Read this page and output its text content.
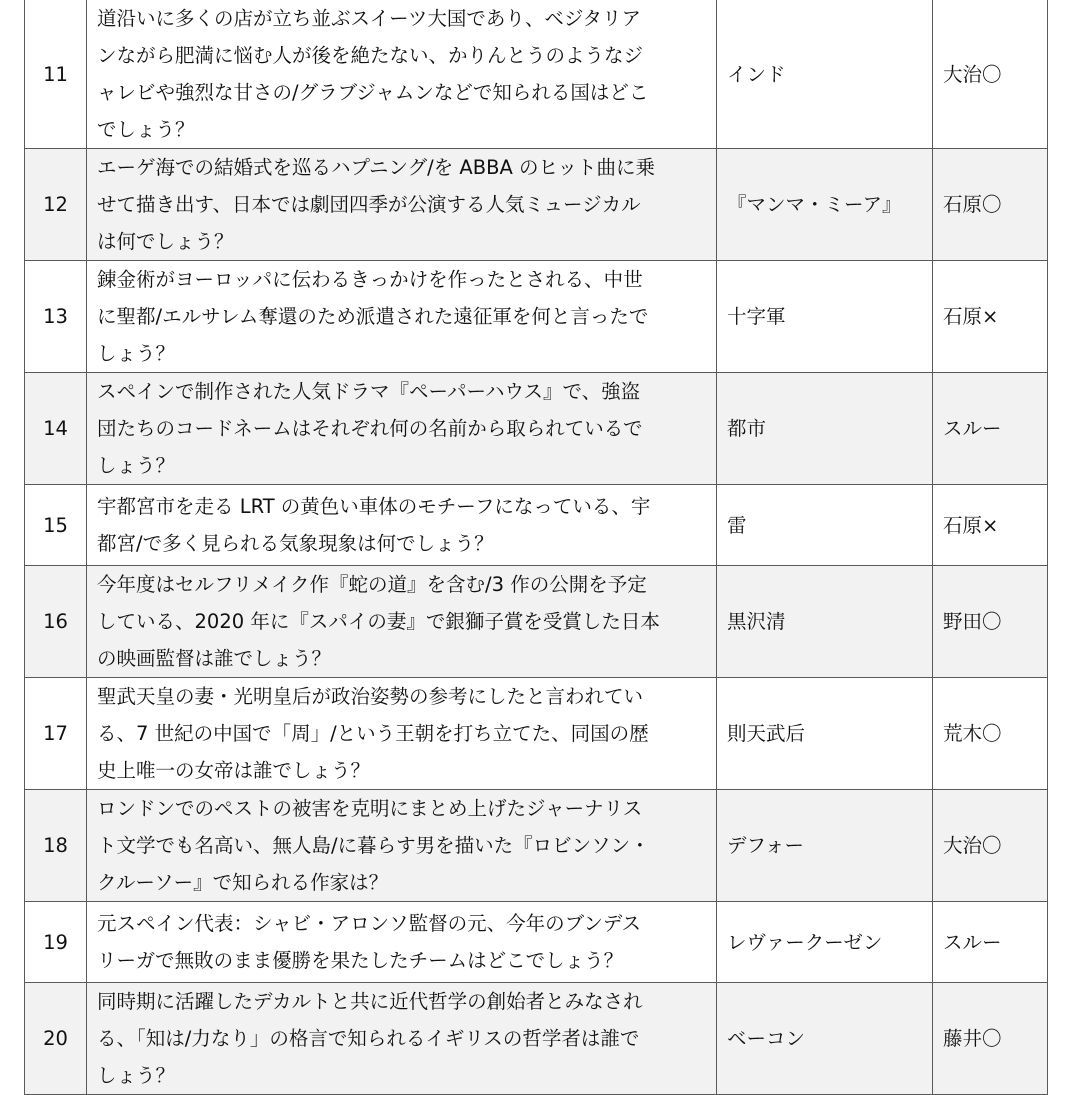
11	道沿いに多くの店が立ち並ぶスイーツ大国であり、ベジタリア
ンながら肥満に悩む人が後を絶たない、かりんとうのようなジ
ャレビや強烈な甘さの/グラブジャムンなどで知られる国はどこ
でしょう？	インド	大治〇
12	エーゲ海での結婚式を巡るハプニング/を ABBA のヒット曲に乗
せて描き出す、日本では劇団四季が公演する人気ミュージカル
は何でしょう？	『マンマ・ミーア』	石原〇
13	錬金術がヨーロッパに伝わるきっかけを作ったとされる、中世
に聖都/エルサレム奪還のため派遣された遠征軍を何と言ったで
しょう？	十字軍	石原×
14	スペインで制作された人気ドラマ『ペーパーハウス』で、強盗
団たちのコードネームはそれぞれ何の名前から取られているで
しょう？	都市	スルー
15	宇都宮市を走る LRT の黄色い車体のモチーフになっている、宇
都宮/で多く見られる気象現象は何でしょう？	雷	石原×
16	今年度はセルフリメイク作『蛇の道』を含む/3 作の公開を予定
している、2020 年に『スパイの妻』で銀獅子賞を受賞した日本
の映画監督は誰でしょう？	黒沢清	野田〇
17	聖武天皇の妻・光明皇后が政治姿勢の参考にしたと言われてい
る、7 世紀の中国で「周」/という王朝を打ち立てた、同国の歴
史上唯一の女帝は誰でしょう？	則天武后	荒木〇
18	ロンドンでのペストの被害を克明にまとめ上げたジャーナリス
ト文学でも名高い、無人島/に暮らす男を描いた『ロビンソン・
クルーソー』で知られる作家は？	デフォー	大治〇
19	元スペイン代表：シャビ・アロンソ監督の元、今年のブンデス
リーガで無敗のまま優勝を果たしたチームはどこでしょう？	レヴァークーゼン	スルー
20	同時期に活躍したデカルトと共に近代哲学の創始者とみなされ
る、「知は/力なり」の格言で知られるイギリスの哲学者は誰で
しょう？	ベーコン	藤井〇
